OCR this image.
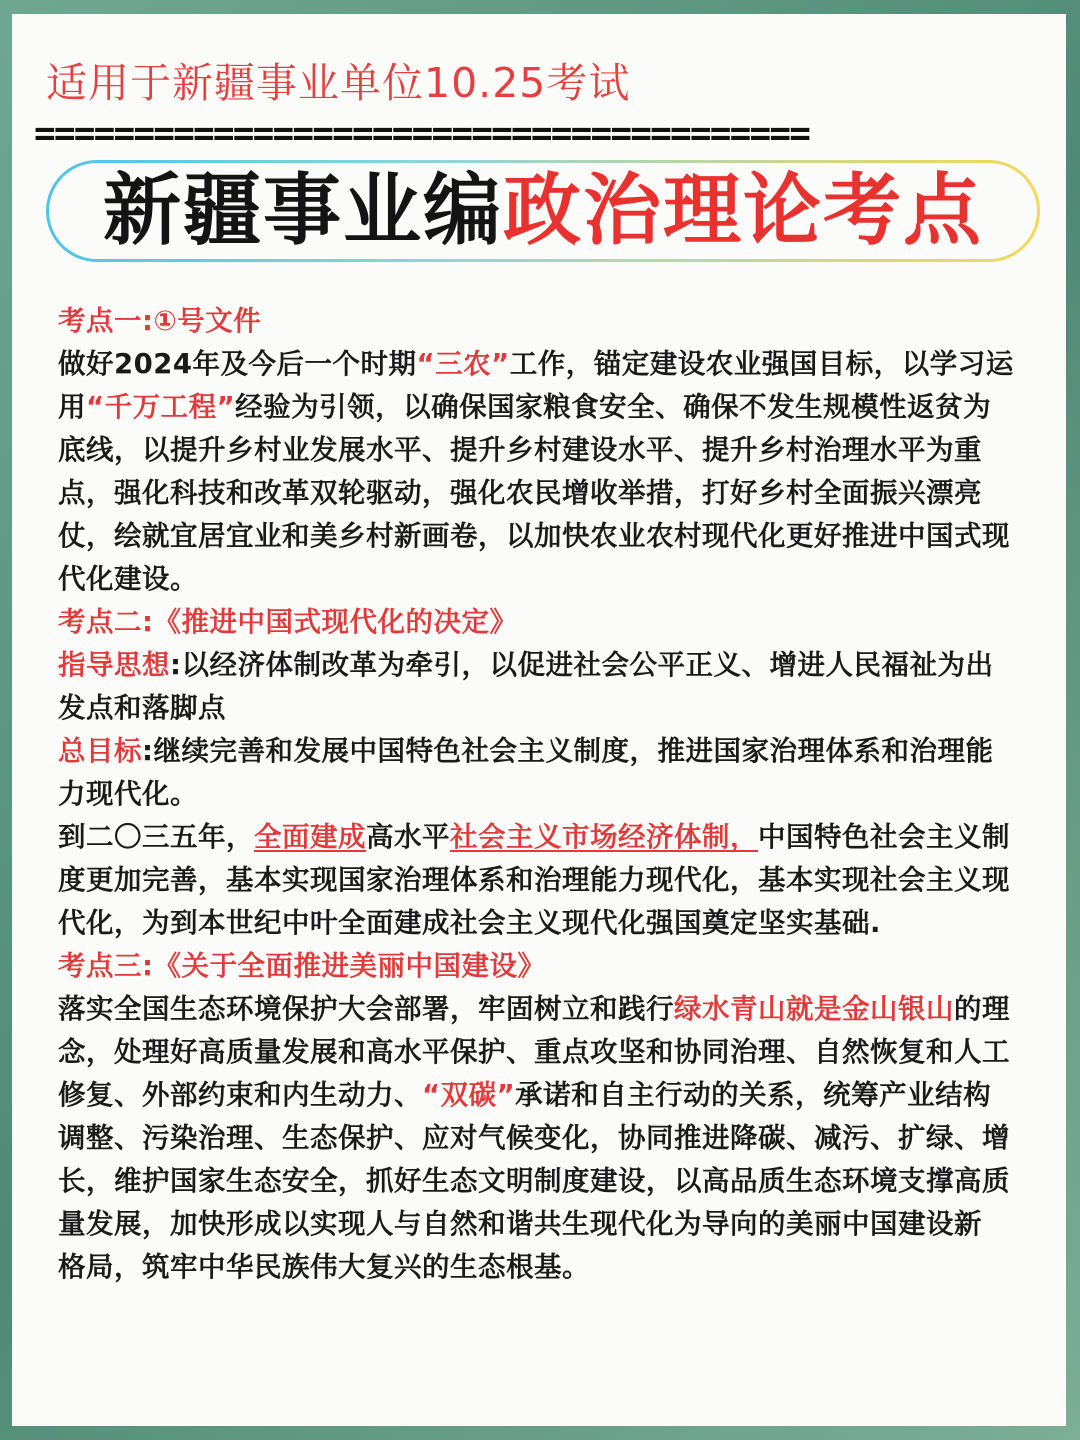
适用于新疆事业单位10.25考试
=======================================
新疆事业编政治理论考点

考点一:①号文件

做好2024年及今后一个时期“三农”工作，锚定建设农业强国目标，以学习运用“千万工程”经验为引领，以确保国家粮食安全、确保不发生规模性返贫为底线，以提升乡村业发展水平、提升乡村建设水平、提升乡村治理水平为重点，强化科技和改革双轮驱动，强化农民增收举措，打好乡村全面振兴漂亮仗，绘就宜居宜业和美乡村新画卷，以加快农业农村现代化更好推进中国式现代化建设。

考点二:《推进中国式现代化的决定》

指导思想:以经济体制改革为牵引，以促进社会公平正义、增进人民福祉为出发点和落脚点

总目标:继续完善和发展中国特色社会主义制度，推进国家治理体系和治理能力现代化。

到二〇三五年，全面建成高水平社会主义市场经济体制，中国特色社会主义制度更加完善，基本实现国家治理体系和治理能力现代化，基本实现社会主义现代化，为到本世纪中叶全面建成社会主义现代化强国奠定坚实基础.

考点三:《关于全面推进美丽中国建设》

落实全国生态环境保护大会部署，牢固树立和践行绿水青山就是金山银山的理念，处理好高质量发展和高水平保护、重点攻坚和协同治理、自然恢复和人工修复、外部约束和内生动力、“双碳”承诺和自主行动的关系，统筹产业结构调整、污染治理、生态保护、应对气候变化，协同推进降碳、减污、扩绿、增长，维护国家生态安全，抓好生态文明制度建设，以高品质生态环境支撑高质量发展，加快形成以实现人与自然和谐共生现代化为导向的美丽中国建设新

格局，筑牢中华民族伟大复兴的生态根基。
